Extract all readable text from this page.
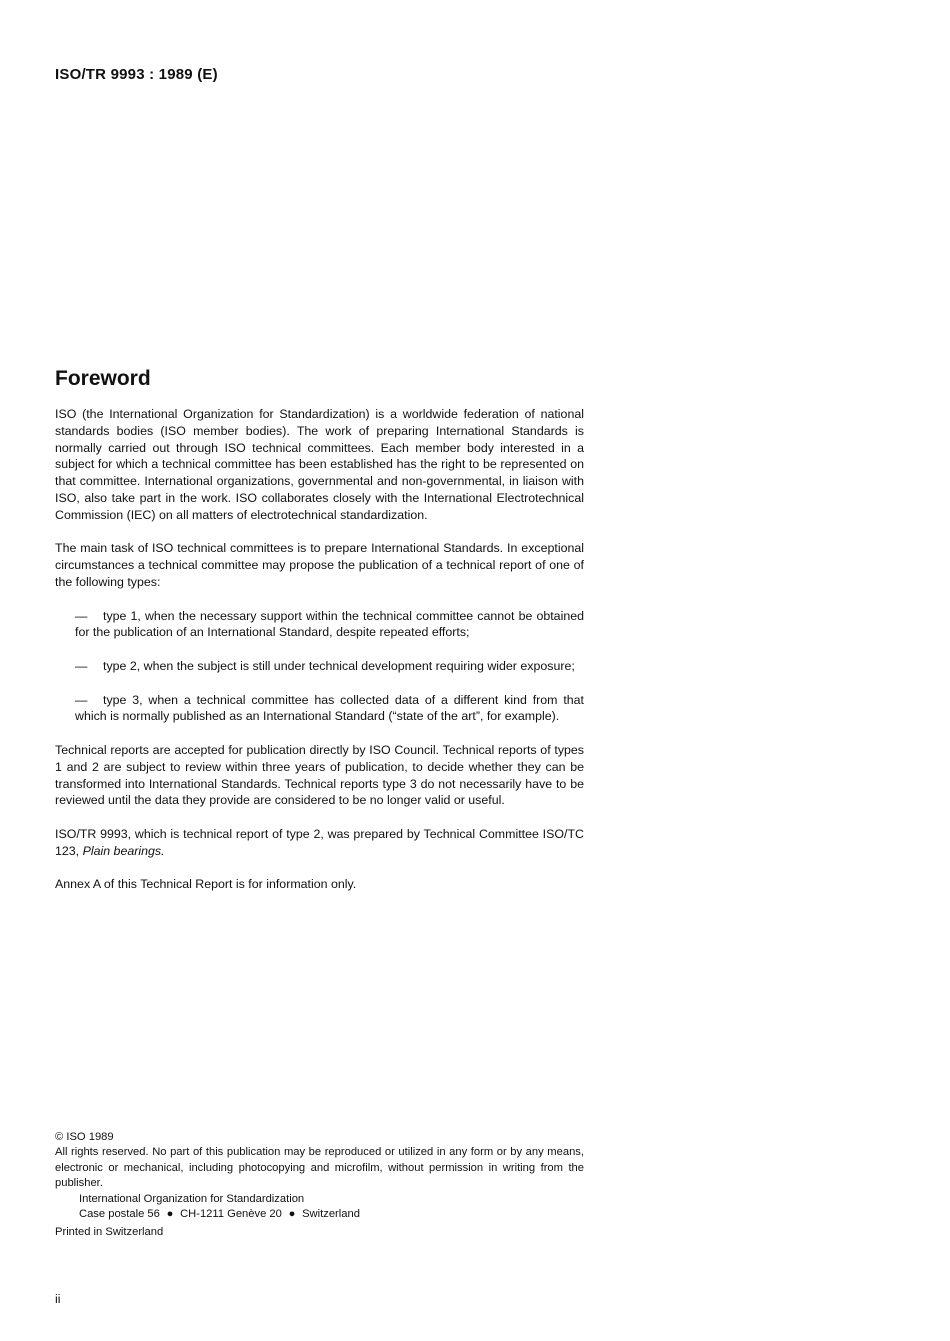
ISO/TR 9993 : 1989 (E)
Foreword

ISO (the International Organization for Standardization) is a worldwide federation of national standards bodies (ISO member bodies). The work of preparing International Standards is normally carried out through ISO technical committees. Each member body interested in a subject for which a technical committee has been established has the right to be represented on that committee. International organizations, governmental and non-governmental, in liaison with ISO, also take part in the work. ISO collaborates closely with the International Electrotechnical Commission (IEC) on all matters of electrotechnical standardization.

The main task of ISO technical committees is to prepare International Standards. In exceptional circumstances a technical committee may propose the publication of a technical report of one of the following types:

— type 1, when the necessary support within the technical committee cannot be obtained for the publication of an International Standard, despite repeated efforts;
— type 2, when the subject is still under technical development requiring wider exposure;
— type 3, when a technical committee has collected data of a different kind from that which is normally published as an International Standard (“state of the art”, for example).

Technical reports are accepted for publication directly by ISO Council. Technical reports of types 1 and 2 are subject to review within three years of publication, to decide whether they can be transformed into International Standards. Technical reports type 3 do not necessarily have to be reviewed until the data they provide are considered to be no longer valid or useful.

ISO/TR 9993, which is technical report of type 2, was prepared by Technical Committee ISO/TC 123, Plain bearings.

Annex A of this Technical Report is for information only.

© ISO 1989

All rights reserved. No part of this publication may be reproduced or utilized in any form or by any means, electronic or mechanical, including photocopying and microfilm, without permission in writing from the publisher.

International Organization for Standardization

Case postale 56 ● CH-1211 Genève 20 ● Switzerland

Printed in Switzerland

ii
